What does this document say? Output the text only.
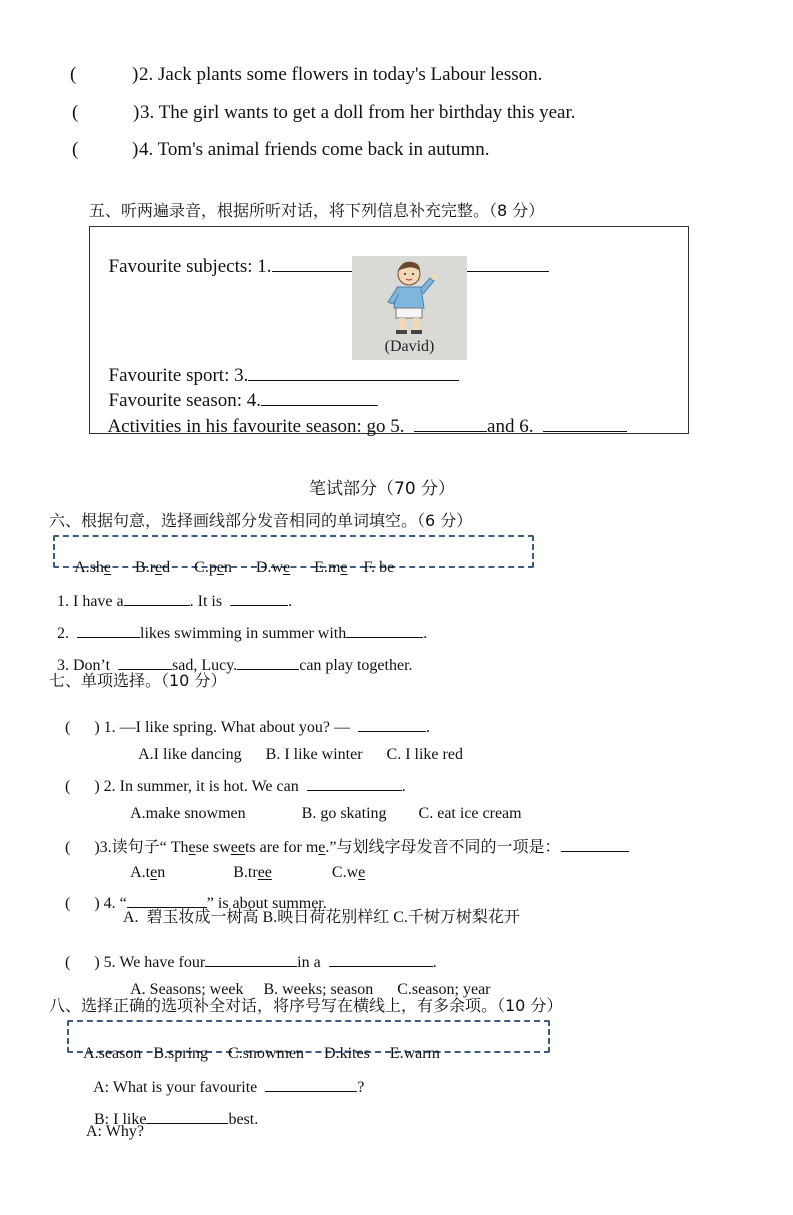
(	) 2. Jack plants some flowers in today's Labour lesson.
(	) 3. The girl wants to get a doll from her birthday this year.
(	) 4. Tom's animal friends come back in autumn.
五、听两遍录音，根据所听对话，将下列信息补充完整。（8 分）

Favourite subjects: 1.

(David)

Favourite sport: 3.

Favourite season: 4.

Activities in his favourite season: go 5.	and 6.

笔试部分（70 分）
六、根据句意，选择画线部分发音相同的单词填空。（6 分）

A.she B.red C.pen D.we E.me F. be

1. I have a	. It is	.

2.	likes swimming in summer with	.

3. Don’t	sad, Lucy.	can play together.

七、单项选择。（10 分）

( ) 1. —I like spring. What about you? —	.

A.I like dancing B. I like winter C. I like red

( ) 2. In summer, it is hot. We can	.

A.make snowmen	B. go skating C. eat ice cream

( )3.读句子“ These sweets are for me.”与划线字母发音不同的一项是：

A.ten	B.tree	C.we

( ) 4. “	” is about summer.

A.  碧玉妆成一树高 B.映日荷花别样红 C.千树万树梨花开

( ) 5. We have four	in a	.

A. Seasons; week B. weeks; season C.season; year

八、选择正确的选项补全对话，将序号写在横线上，有多余项。（10 分）

A.season B.spring C.snowmen D.kites E.warm

A: What is your favourite	?

B: I like	best.

A: Why?
